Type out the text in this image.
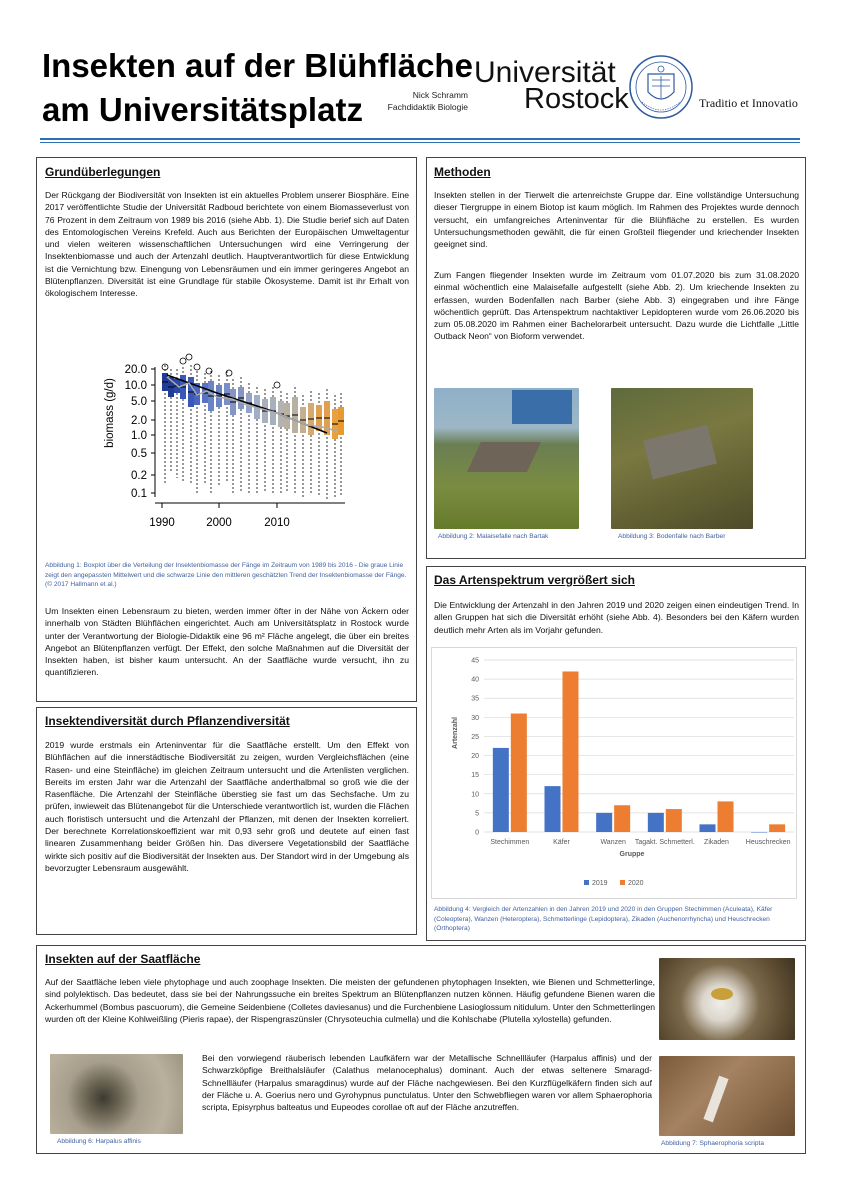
Insekten auf der Blühfläche
am Universitätsplatz	Nick Schramm
Fachdidaktik Biologie
Universität
Rostock	Traditio et Innovatio
Grundüberlegungen
Der Rückgang der Biodiversität von Insekten ist ein aktuelles Problem unserer Biosphäre. Eine 2017 veröffentlichte Studie der Universität Radboud berichtete von einem Biomasseverlust von 76 Prozent in dem Zeitraum von 1989 bis 2016 (siehe Abb. 1). Die Studie berief sich auf Daten des Entomologischen Vereins Krefeld. Auch aus Berichten der Europäischen Umweltagentur und vielen weiteren wissenschaftlichen Untersuchungen wird eine Verringerung der Insektenbiomasse und auch der Artenzahl deutlich. Hauptverantwortlich für diese Entwicklung ist die Vernichtung bzw. Einengung von Lebensräumen und ein immer geringeres Angebot an Blütenpflanzen. Diversität ist eine Grundlage für stabile Ökosysteme. Damit ist ihr Erhalt von ökologischem Interesse.
biomass (g/d)
20.0
10.0
5.0
2.0
1.0
0.5
0.2
0.1
1990	2000	2010
Abbildung 1: Boxplot über die Verteilung der Insektenbiomasse der Fänge im Zeitraum von 1989 bis 2016 - Die graue Linie zeigt den angepassten Mittelwert und die schwarze Linie den mittleren geschätzten Trend der Insektenbiomasse der Fänge. (© 2017 Hallmann et al.)
Um Insekten einen Lebensraum zu bieten, werden immer öfter in der Nähe von Äckern oder innerhalb von Städten Blühflächen eingerichtet. Auch am Universitätsplatz in Rostock wurde unter der Verantwortung der Biologie-Didaktik eine 96 m² Fläche angelegt, die über ein breites Angebot an Blütenpflanzen verfügt. Der Effekt, den solche Maßnahmen auf die Diversität der Insekten haben, ist bisher kaum untersucht. An der Saatfläche wurde versucht, ihn zu quantifizieren.
Methoden
Insekten stellen in der Tierwelt die artenreichste Gruppe dar. Eine vollständige Untersuchung dieser Tiergruppe in einem Biotop ist kaum möglich. Im Rahmen des Projektes wurde dennoch versucht, ein umfangreiches Arteninventar für die Blühfläche zu erstellen. Es wurden Untersuchungsmethoden gewählt, die für einen Großteil fliegender und kriechender Insekten geeignet sind.
Zum Fangen fliegender Insekten wurde im Zeitraum vom 01.07.2020 bis zum 31.08.2020 einmal wöchentlich eine Malaisefalle aufgestellt (siehe Abb. 2). Um kriechende Insekten zu erfassen, wurden Bodenfallen nach Barber (siehe Abb. 3) eingegraben und ihre Fänge wöchentlich geprüft. Das Artenspektrum nachtaktiver Lepidopteren wurde vom 26.06.2020 bis zum 05.08.2020 im Rahmen einer Bachelorarbeit untersucht. Dazu wurde die Lichtfalle „Little Outback Neon“ von Bioform verwendet.
Abbildung 2: Malaisefalle nach Bartak	Abbildung 3: Bodenfalle nach Barber
Das Artenspektrum vergrößert sich
Die Entwicklung der Artenzahl in den Jahren 2019 und 2020 zeigen einen eindeutigen Trend. In allen Gruppen hat sich die Diversität erhöht (siehe Abb. 4). Besonders bei den Käfern wurden deutlich mehr Arten als im Vorjahr gefunden.
Artenzahl
0
5
10
15
20
25
30
35
40
45
Stechimmen	Käfer	Wanzen Tagakt. Schmetterl. Zikaden Heuschrecken
Gruppe
2019	2020
Abbildung 4: Vergleich der Artenzahlen in den Jahren 2019 und 2020 in den Gruppen Stechimmen (Aculeata), Käfer (Coleoptera), Wanzen (Heteroptera), Schmetterlinge (Lepidoptera), Zikaden (Auchenorrhyncha) und Heuschrecken (Orthoptera)
Insektendiversität durch Pflanzendiversität
2019 wurde erstmals ein Arteninventar für die Saatfläche erstellt. Um den Effekt von Blühflächen auf die innerstädtische Biodiversität zu zeigen, wurden Vergleichsflächen (eine Rasen- und eine Steinfläche) im gleichen Zeitraum untersucht und die Artenlisten verglichen. Bereits im ersten Jahr war die Artenzahl der Saatfläche anderthalbmal so groß wie die der Rasenfläche. Die Artenzahl der Steinfläche überstieg sie fast um das Sechsfache. Um zu prüfen, inwieweit das Blütenangebot für die Unterschiede verantwortlich ist, wurden die Flächen auch floristisch untersucht und die Artenzahl der Pflanzen, mit denen der Insekten korreliert. Der berechnete Korrelationskoeffizient war mit 0,93 sehr groß und deutete auf einen fast linearen Zusammenhang beider Größen hin. Das diversere Vegetationsbild der Saatfläche wirkte sich positiv auf die Biodiversität der Insekten aus. Der Standort wird in der Umgebung als bevorzugter Lebensraum ausgewählt.
Insekten auf der Saatfläche
Auf der Saatfläche leben viele phytophage und auch zoophage Insekten. Die meisten der gefundenen phytophagen Insekten, wie Bienen und Schmetterlinge, sind polylektisch. Das bedeutet, dass sie bei der Nahrungssuche ein breites Spektrum an Blütenpflanzen nutzen können. Häufig gefundene Bienen waren die Ackerhummel (Bombus pascuorum), die Gemeine Seidenbiene (Colletes daviesanus) und die Furchenbiene Lasioglossum nitidulum. Unter den Schmetterlingen wurden oft der Kleine Kohlweißling (Pieris rapae), der Rispengraszünsler (Chrysoteuchia culmella) und die Kohlschabe (Plutella xylostella) gefunden.
Abbildung 6: Harpalus affinis
Bei den vorwiegend räuberisch lebenden Laufkäfern war der Metallische Schnellläufer (Harpalus affinis) und der Schwarzköpfige Breithalsläufer (Calathus melanocephalus) dominant. Auch der etwas seltenere Smaragd-Schnellläufer (Harpalus smaragdinus) wurde auf der Fläche nachgewiesen. Bei den Kurzflügelkäfern finden sich auf der Fläche u. A. Goerius nero und Gyrohypnus punctulatus. Unter den Schwebfliegen waren vor allem Sphaerophoria scripta, Episyrphus balteatus und Eupeodes corollae oft auf der Fläche anzutreffen.
Abbildung 7: Sphaerophoria scripta
